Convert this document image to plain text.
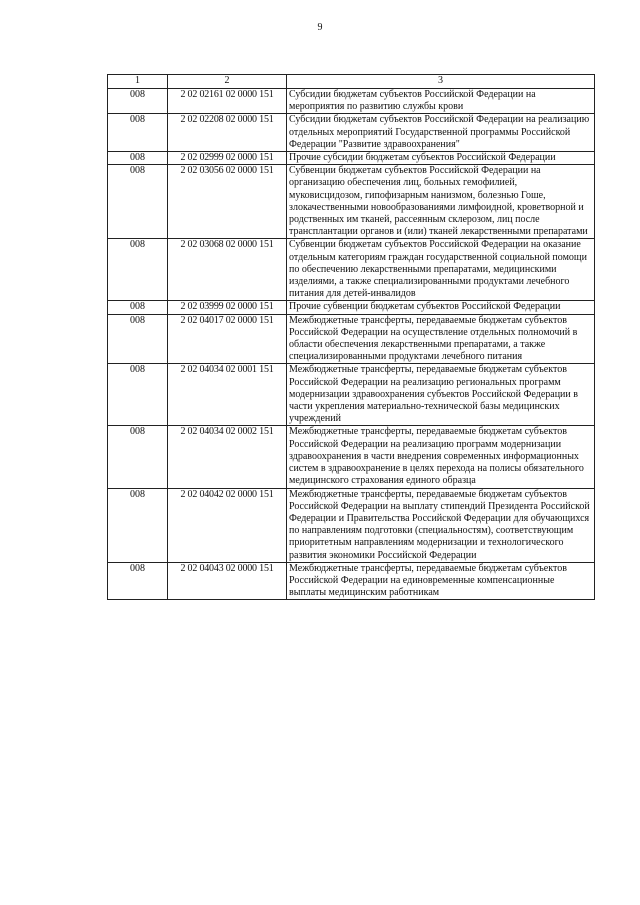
9
1	2	3
008	2 02 02161 02 0000 151	Субсидии бюджетам субъектов Российской Федерации на мероприятия по развитию службы крови
008	2 02 02208 02 0000 151	Субсидии бюджетам субъектов Российской Федерации на реализацию отдельных мероприятий Государственной программы Российской Федерации "Развитие здравоохранения"
008	2 02 02999 02 0000 151	Прочие субсидии бюджетам субъектов Российской Федерации
008	2 02 03056 02 0000 151	Субвенции бюджетам субъектов Российской Федерации на организацию обеспечения лиц, больных гемофилией, муковисцидозом, гипофизарным нанизмом, болезнью Гоше, злокачественными новообразованиями лимфоидной, кроветворной и родственных им тканей, рассеянным склерозом, лиц после трансплантации органов и (или) тканей лекарственными препаратами
008	2 02 03068 02 0000 151	Субвенции бюджетам субъектов Российской Федерации на оказание отдельным категориям граждан государственной социальной помощи по обеспечению лекарственными препаратами, медицинскими изделиями, а также специализированными продуктами лечебного питания для детей-инвалидов
008	2 02 03999 02 0000 151	Прочие субвенции бюджетам субъектов Российской Федерации
008	2 02 04017 02 0000 151	Межбюджетные трансферты, передаваемые бюджетам субъектов Российской Федерации на осуществление отдельных полномочий в области обеспечения лекарственными препаратами, а также специализированными продуктами лечебного питания
008	2 02 04034 02 0001 151	Межбюджетные трансферты, передаваемые бюджетам субъектов Российской Федерации на реализацию региональных программ модернизации здравоохранения субъектов Российской Федерации в части укрепления материально-технической базы медицинских учреждений
008	2 02 04034 02 0002 151	Межбюджетные трансферты, передаваемые бюджетам субъектов Российской Федерации на реализацию программ модернизации здравоохранения в части внедрения современных информационных систем в здравоохранение в целях перехода на полисы обязательного медицинского страхования единого образца
008	2 02 04042 02 0000 151	Межбюджетные трансферты, передаваемые бюджетам субъектов Российской Федерации на выплату стипендий Президента Российской Федерации и Правительства Российской Федерации для обучающихся по направлениям подготовки (специальностям), соответствующим приоритетным направлениям модернизации и технологического развития экономики Российской Федерации
008	2 02 04043 02 0000 151	Межбюджетные трансферты, передаваемые бюджетам субъектов Российской Федерации на единовременные компенсационные выплаты медицинским работникам
